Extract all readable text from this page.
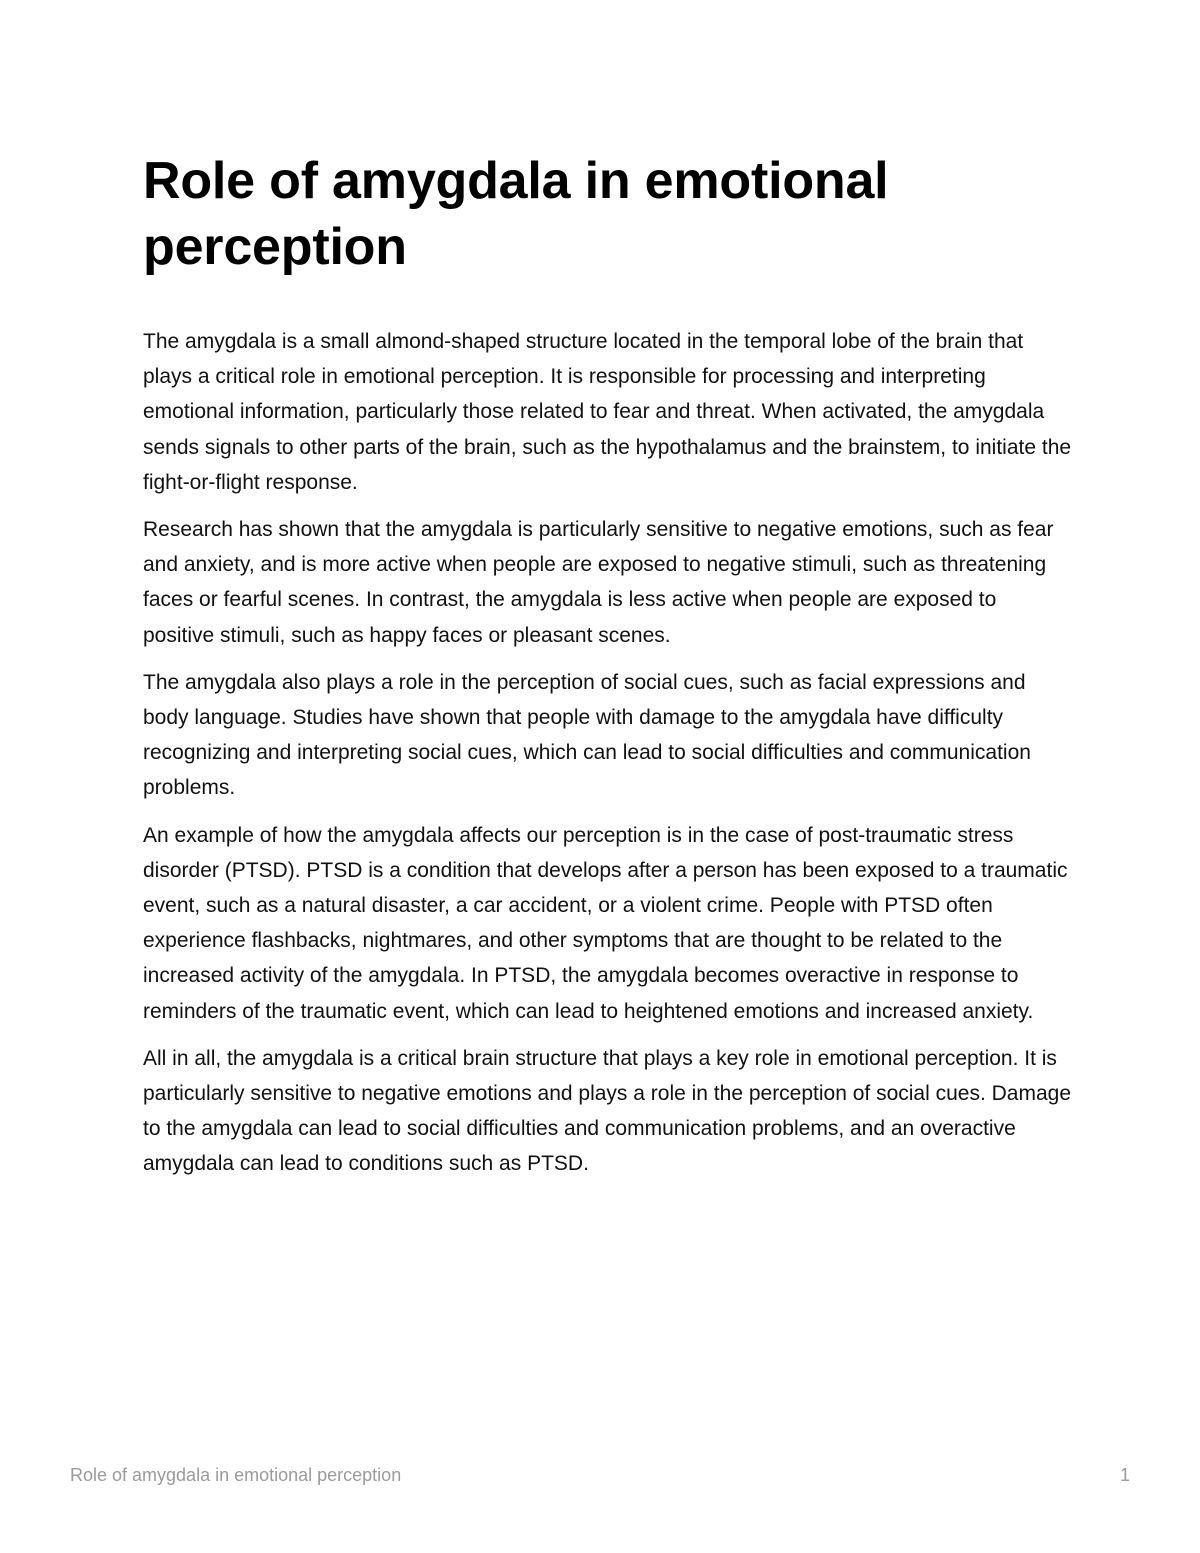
Role of amygdala in emotional perception

The amygdala is a small almond-shaped structure located in the temporal lobe of the brain that plays a critical role in emotional perception. It is responsible for processing and interpreting emotional information, particularly those related to fear and threat. When activated, the amygdala sends signals to other parts of the brain, such as the hypothalamus and the brainstem, to initiate the fight-or-flight response.

Research has shown that the amygdala is particularly sensitive to negative emotions, such as fear and anxiety, and is more active when people are exposed to negative stimuli, such as threatening faces or fearful scenes. In contrast, the amygdala is less active when people are exposed to positive stimuli, such as happy faces or pleasant scenes.

The amygdala also plays a role in the perception of social cues, such as facial expressions and body language. Studies have shown that people with damage to the amygdala have difficulty recognizing and interpreting social cues, which can lead to social difficulties and communication problems.

An example of how the amygdala affects our perception is in the case of post-traumatic stress disorder (PTSD). PTSD is a condition that develops after a person has been exposed to a traumatic event, such as a natural disaster, a car accident, or a violent crime. People with PTSD often experience flashbacks, nightmares, and other symptoms that are thought to be related to the increased activity of the amygdala. In PTSD, the amygdala becomes overactive in response to reminders of the traumatic event, which can lead to heightened emotions and increased anxiety.

All in all, the amygdala is a critical brain structure that plays a key role in emotional perception. It is particularly sensitive to negative emotions and plays a role in the perception of social cues. Damage to the amygdala can lead to social difficulties and communication problems, and an overactive amygdala can lead to conditions such as PTSD.

Role of amygdala in emotional perception	1
